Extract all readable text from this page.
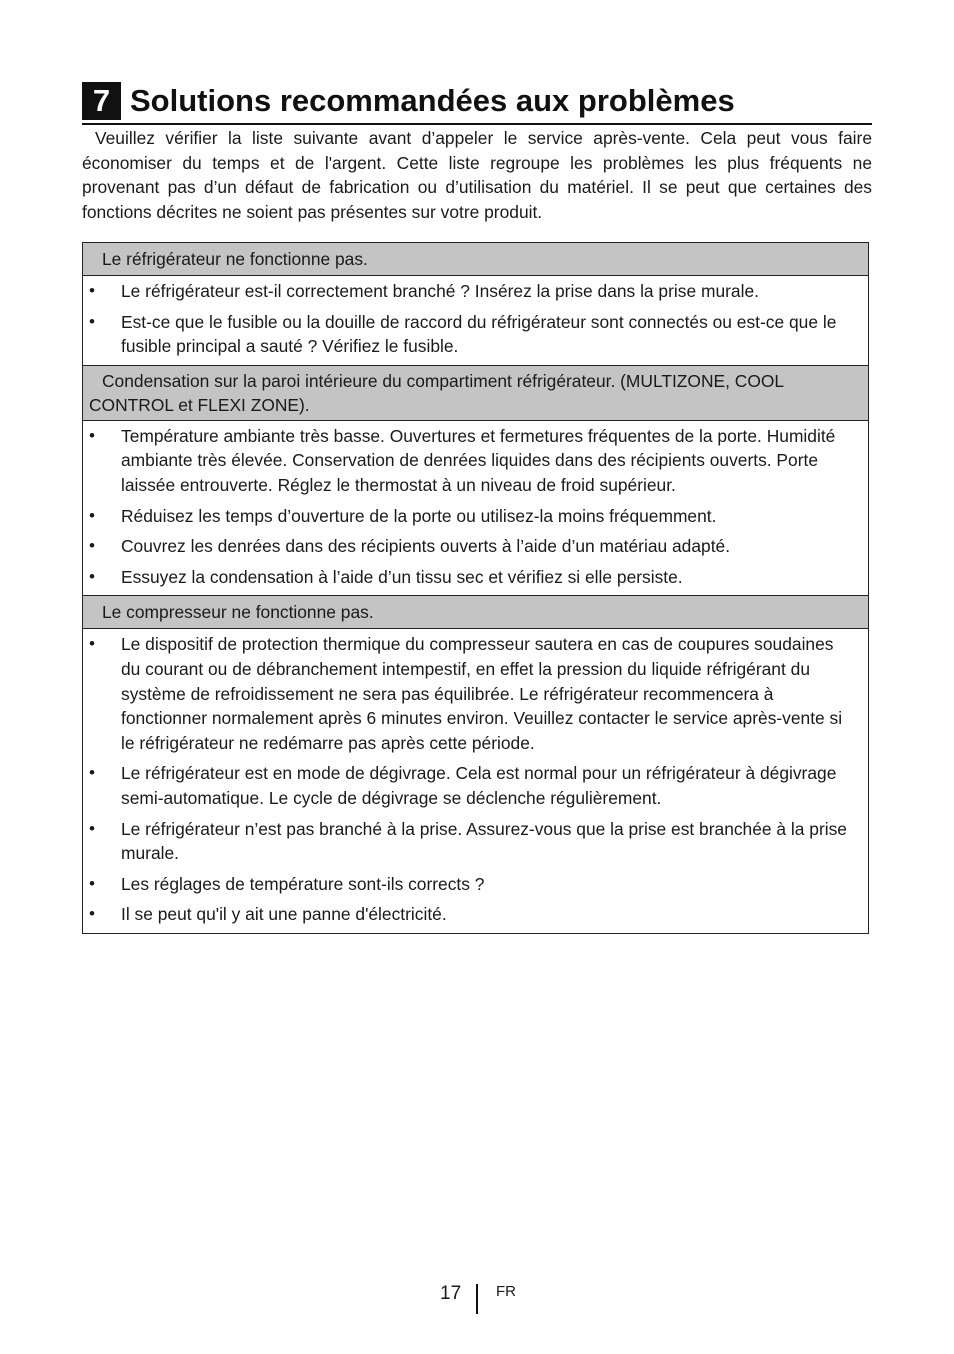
7 Solutions recommandées aux problèmes

Veuillez vérifier la liste suivante avant d’appeler le service après-vente. Cela peut vous faire économiser du temps et de l'argent. Cette liste regroupe les problèmes les plus fréquents ne provenant pas d’un défaut de fabrication ou d’utilisation du matériel. Il se peut que certaines des fonctions décrites ne soient pas présentes sur votre produit.

Le réfrigérateur ne fonctionne pas.
• Le réfrigérateur est-il correctement branché ? Insérez la prise dans la prise murale.
• Est-ce que le fusible ou la douille de raccord du réfrigérateur sont connectés ou est-ce que le fusible principal a sauté ? Vérifiez le fusible.
Condensation sur la paroi intérieure du compartiment réfrigérateur. (MULTIZONE, COOL CONTROL et FLEXI ZONE).
• Température ambiante très basse. Ouvertures et fermetures fréquentes de la porte. Humidité ambiante très élevée. Conservation de denrées liquides dans des récipients ouverts. Porte laissée entrouverte. Réglez le thermostat à un niveau de froid supérieur.
• Réduisez les temps d’ouverture de la porte ou utilisez-la moins fréquemment.
• Couvrez les denrées dans des récipients ouverts à l’aide d’un matériau adapté.
• Essuyez la condensation à l’aide d’un tissu sec et vérifiez si elle persiste.
Le compresseur ne fonctionne pas.
• Le dispositif de protection thermique du compresseur sautera en cas de coupures soudaines du courant ou de débranchement intempestif, en effet la pression du liquide réfrigérant du système de refroidissement ne sera pas équilibrée. Le réfrigérateur recommencera à fonctionner normalement après 6 minutes environ. Veuillez contacter le service après-vente si le réfrigérateur ne redémarre pas après cette période.
• Le réfrigérateur est en mode de dégivrage. Cela est normal pour un réfrigérateur à dégivrage semi-automatique. Le cycle de dégivrage se déclenche régulièrement.
• Le réfrigérateur n’est pas branché à la prise. Assurez-vous que la prise est branchée à la prise murale.
• Les réglages de température sont-ils corrects ?
• Il se peut qu'il y ait une panne d'électricité.
17 FR
